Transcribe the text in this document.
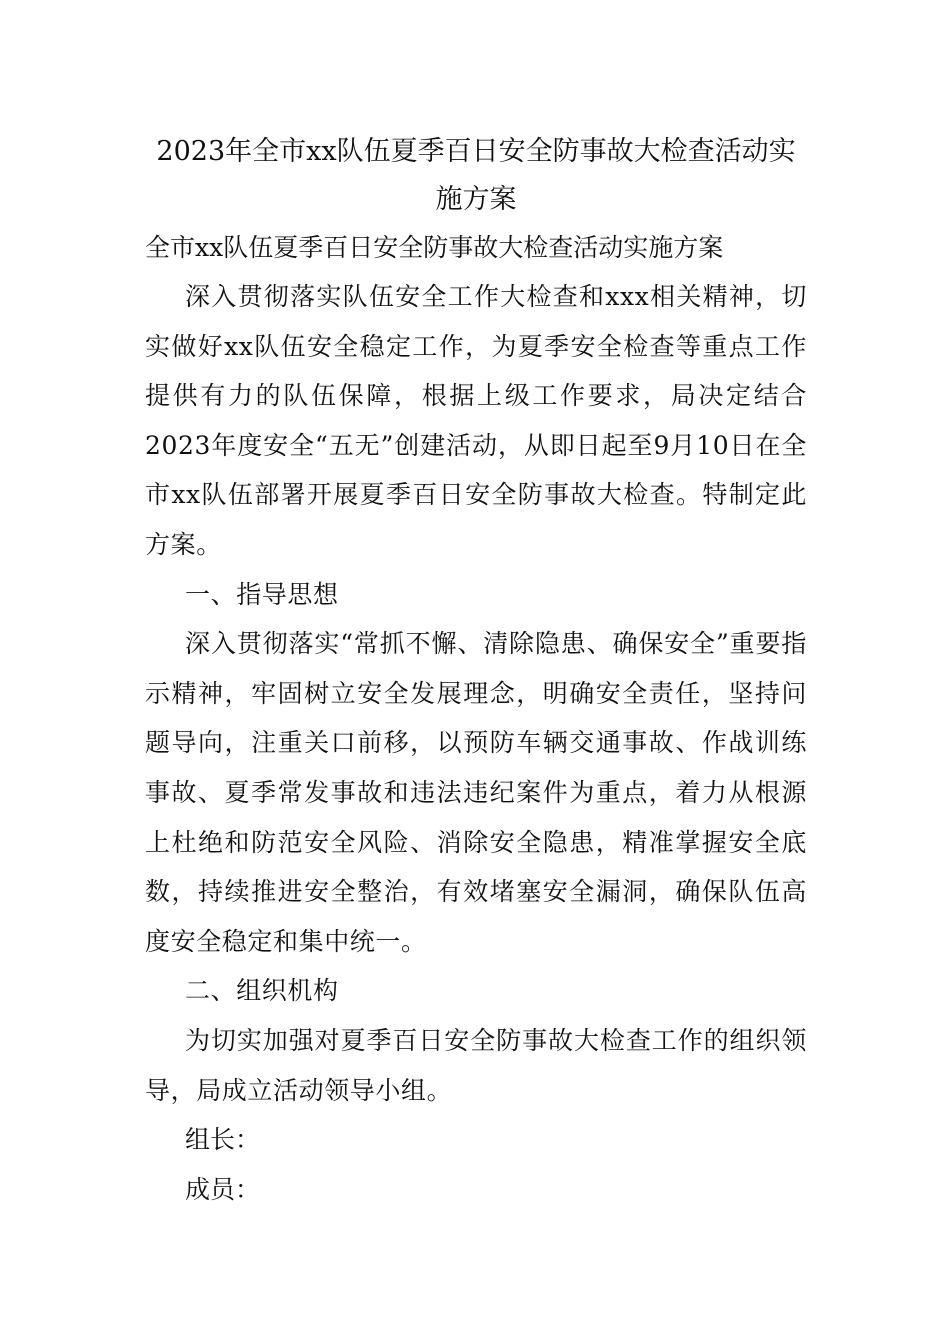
2023年全市xx队伍夏季百日安全防事故大检查活动实施方案

全市xx队伍夏季百日安全防事故大检查活动实施方案

深入贯彻落实队伍安全工作大检查和xxx相关精神，切实做好xx队伍安全稳定工作，为夏季安全检查等重点工作提供有力的队伍保障，根据上级工作要求，局决定结合2023年度安全“五无”创建活动，从即日起至9月10日在全市xx队伍部署开展夏季百日安全防事故大检查。特制定此方案。

一、指导思想

深入贯彻落实“常抓不懈、清除隐患、确保安全”重要指示精神，牢固树立安全发展理念，明确安全责任，坚持问题导向，注重关口前移，以预防车辆交通事故、作战训练事故、夏季常发事故和违法违纪案件为重点，着力从根源上杜绝和防范安全风险、消除安全隐患，精准掌握安全底数，持续推进安全整治，有效堵塞安全漏洞，确保队伍高度安全稳定和集中统一。

二、组织机构

为切实加强对夏季百日安全防事故大检查工作的组织领导，局成立活动领导小组。

组长：

成员：
